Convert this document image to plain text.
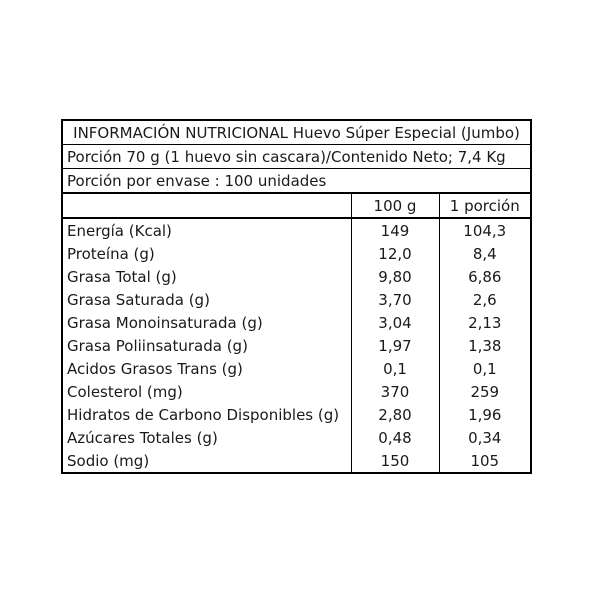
INFORMACIÓN NUTRICIONAL Huevo Súper Especial (Jumbo)		
Porción 70 g (1 huevo sin cascara)/Contenido Neto; 7,4 Kg		
Porción por envase : 100 unidades		
	100 g	1 porción
Energía (Kcal)	149	104,3
Proteína (g)	12,0	8,4
Grasa Total (g)	9,80	6,86
Grasa Saturada (g)	3,70	2,6
Grasa Monoinsaturada (g)	3,04	2,13
Grasa Poliinsaturada (g)	1,97	1,38
Acidos Grasos Trans (g)	0,1	0,1
Colesterol (mg)	370	259
Hidratos de Carbono Disponibles (g)	2,80	1,96
Azúcares Totales (g)	0,48	0,34
Sodio (mg)	150	105
